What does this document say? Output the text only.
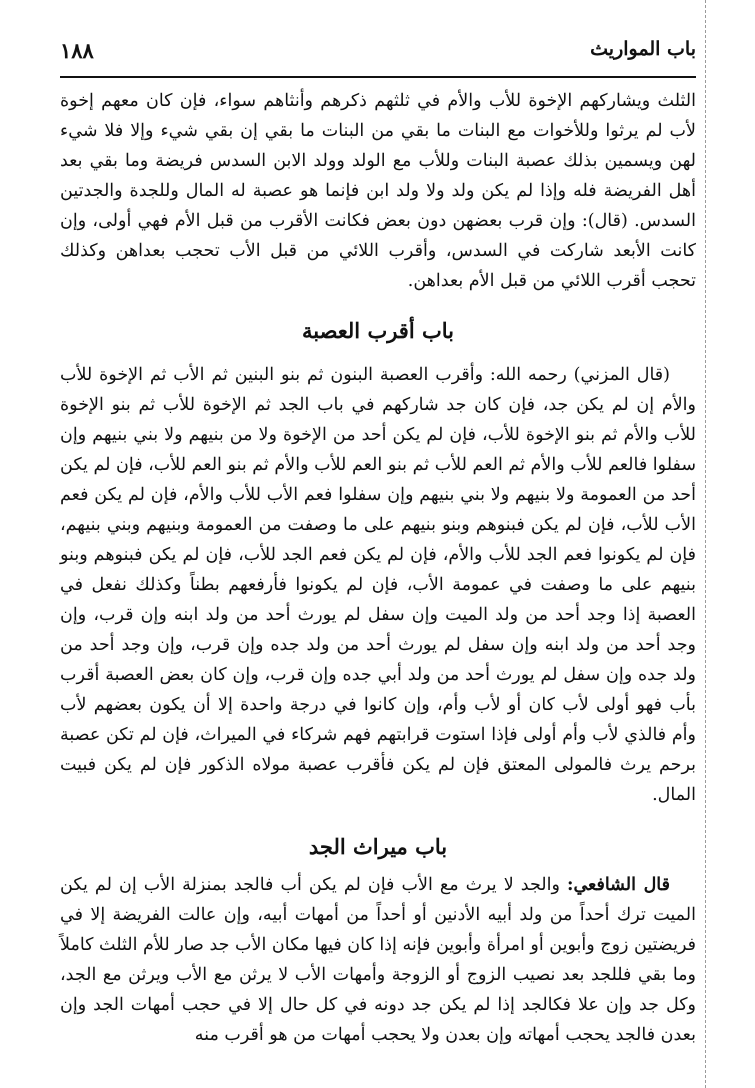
باب المواريث
١٨٨

الثلث ويشاركهم الإخوة للأب والأم في ثلثهم ذكرهم وأنثاهم سواء، فإن كان معهم إخوة لأب لم يرثوا وللأخوات مع البنات ما بقي من البنات ما بقي إن بقي شيء وإلا فلا شيء لهن ويسمين بذلك عصبة البنات وللأب مع الولد وولد الابن السدس فريضة وما بقي بعد أهل الفريضة فله وإذا لم يكن ولد ولا ولد ابن فإنما هو عصبة له المال وللجدة والجدتين السدس. (قال): وإن قرب بعضهن دون بعض فكانت الأقرب من قبل الأم فهي أولى، وإن كانت الأبعد شاركت في السدس، وأقرب اللائي من قبل الأب تحجب بعداهن وكذلك تحجب أقرب اللائي من قبل الأم بعداهن.

باب أقرب العصبة

(قال المزني) رحمه الله: وأقرب العصبة البنون ثم بنو البنين ثم الأب ثم الإخوة للأب والأم إن لم يكن جد، فإن كان جد شاركهم في باب الجد ثم الإخوة للأب ثم بنو الإخوة للأب والأم ثم بنو الإخوة للأب، فإن لم يكن أحد من الإخوة ولا من بنيهم ولا بني بنيهم وإن سفلوا فالعم للأب والأم ثم العم للأب ثم بنو العم للأب والأم ثم بنو العم للأب، فإن لم يكن أحد من العمومة ولا بنيهم ولا بني بنيهم وإن سفلوا فعم الأب للأب والأم، فإن لم يكن فعم الأب للأب، فإن لم يكن فبنوهم وبنو بنيهم على ما وصفت من العمومة وبنيهم وبني بنيهم، فإن لم يكونوا فعم الجد للأب والأم، فإن لم يكن فعم الجد للأب، فإن لم يكن فبنوهم وبنو بنيهم على ما وصفت في عمومة الأب، فإن لم يكونوا فأرفعهم بطناً وكذلك نفعل في العصبة إذا وجد أحد من ولد الميت وإن سفل لم يورث أحد من ولد ابنه وإن قرب، وإن وجد أحد من ولد ابنه وإن سفل لم يورث أحد من ولد جده وإن قرب، وإن وجد أحد من ولد جده وإن سفل لم يورث أحد من ولد أبي جده وإن قرب، وإن كان بعض العصبة أقرب بأب فهو أولى لأب كان أو لأب وأم، وإن كانوا في درجة واحدة إلا أن يكون بعضهم لأب وأم فالذي لأب وأم أولى فإذا استوت قرابتهم فهم شركاء في الميراث، فإن لم تكن عصبة برحم يرث فالمولى المعتق فإن لم يكن فأقرب عصبة مولاه الذكور فإن لم يكن فبيت المال.

باب ميراث الجد

قال الشافعي: والجد لا يرث مع الأب فإن لم يكن أب فالجد بمنزلة الأب إن لم يكن الميت ترك أحداً من ولد أبيه الأدنين أو أحداً من أمهات أبيه، وإن عالت الفريضة إلا في فريضتين زوج وأبوين أو امرأة وأبوين فإنه إذا كان فيها مكان الأب جد صار للأم الثلث كاملاً وما بقي فللجد بعد نصيب الزوج أو الزوجة وأمهات الأب لا يرثن مع الأب ويرثن مع الجد، وكل جد وإن علا فكالجد إذا لم يكن جد دونه في كل حال إلا في حجب أمهات الجد وإن بعدن فالجد يحجب أمهاته وإن بعدن ولا يحجب أمهات من هو أقرب منه
